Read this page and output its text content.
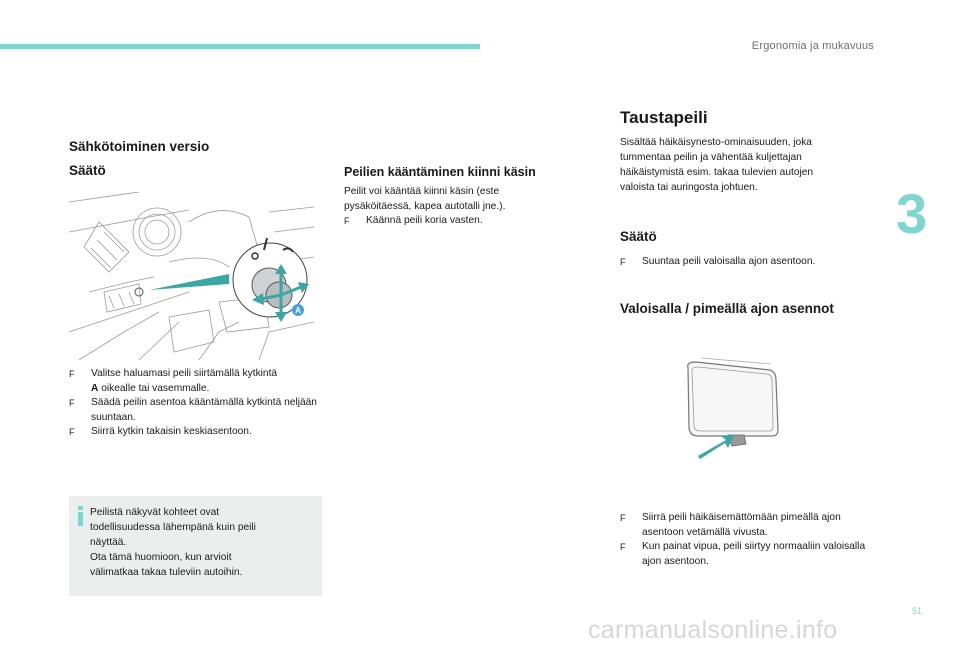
Ergonomia ja mukavuus
3
51
Sähkötoiminen versio
Säätö
A
F Valitse haluamasi peili siirtämällä kytkintä
A oikealle tai vasemmalle.
F Säädä peilin asentoa kääntämällä kytkintä neljään suuntaan.
F Siirrä kytkin takaisin keskiasentoon.
Peilistä näkyvät kohteet ovat
todellisuudessa lähempänä kuin peili
näyttää.
Ota tämä huomioon, kun arvioit
välimatkaa takaa tuleviin autoihin.
Peilien kääntäminen kiinni käsin

Peilit voi kääntää kiinni käsin (este

pysäköitäessä, kapea autotalli jne.).

F Käännä peili koria vasten.
Taustapeili

Sisältää häikäisynesto-ominaisuuden, joka

tummentaa peilin ja vähentää kuljettajan

häikäistymistä esim. takaa tulevien autojen

valoista tai auringosta johtuen.

Säätö
F Suuntaa peili valoisalla ajon asentoon.
Valoisalla / pimeällä ajon asennot
F Siirrä peili häikäisemättömään pimeällä ajon asentoon vetämällä vivusta.
F Kun painat vipua, peili siirtyy normaaliin valoisalla ajon asentoon.
carmanualsonline.info
